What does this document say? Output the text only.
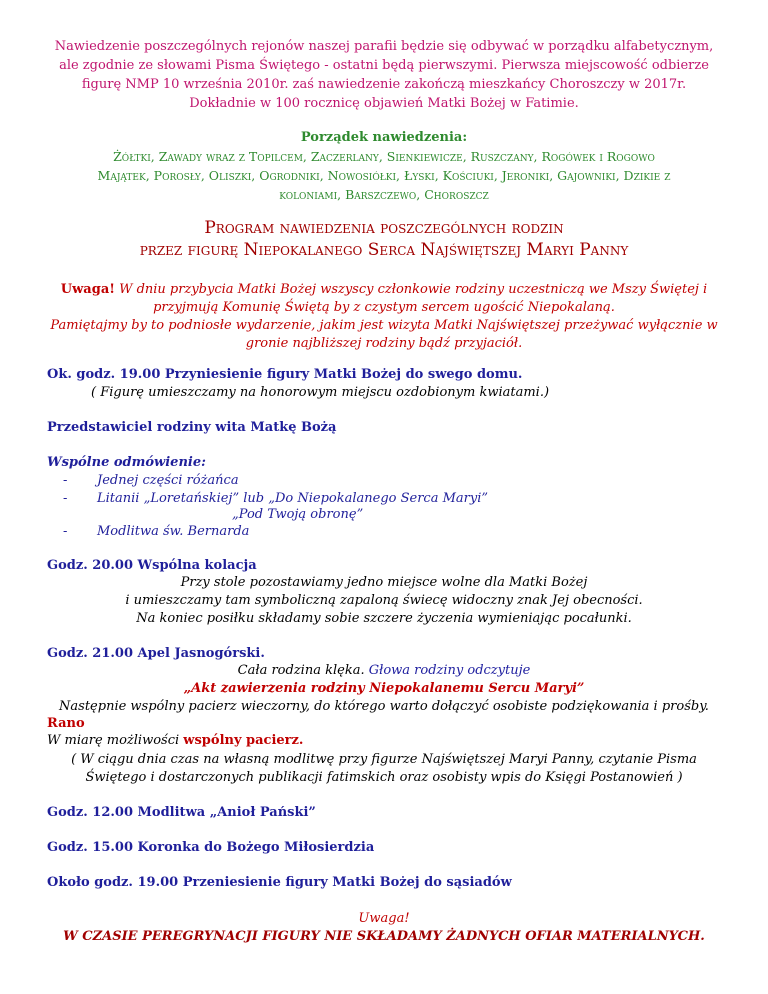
Nawiedzenie poszczególnych rejonów naszej parafii będzie się odbywać w porządku alfabetycznym,
ale zgodnie ze słowami Pisma Świętego - ostatni będą pierwszymi. Pierwsza miejscowość odbierze
figurę NMP 10 września 2010r. zaś nawiedzenie zakończą mieszkańcy Choroszczy w 2017r.
Dokładnie w 100 rocznicę objawień Matki Bożej w Fatimie.
Porządek nawiedzenia:
Żółtki, Zawady wraz z Topilcem, Zaczerlany, Sienkiewicze, Ruszczany, Rogówek i Rogowo
Majątek, Porosły, Oliszki, Ogrodniki, Nowosiółki, Łyski, Kościuki, Jeroniki, Gajowniki, Dzikie z
koloniami, Barszczewo, Choroszcz
Program nawiedzenia poszczególnych rodzin
przez figurę Niepokalanego Serca Najświętszej Maryi Panny
Uwaga! W dniu przybycia Matki Bożej wszyscy członkowie rodziny uczestniczą we Mszy Świętej i
przyjmują Komunię Świętą by z czystym sercem ugościć Niepokalaną.
Pamiętajmy by to podniosłe wydarzenie, jakim jest wizyta Matki Najświętszej przeżywać wyłącznie w
gronie najbliższej rodziny bądź przyjaciół.
Ok. godz. 19.00 Przyniesienie figury Matki Bożej do swego domu.
( Figurę umieszczamy na honorowym miejscu ozdobionym kwiatami.)
Przedstawiciel rodziny wita Matkę Bożą
Wspólne odmówienie:
- Jednej części różańca
- Litanii „Loretańskiej” lub „Do Niepokalanego Serca Maryi”
„Pod Twoją obronę”
- Modlitwa św. Bernarda
Godz. 20.00 Wspólna kolacja
Przy stole pozostawiamy jedno miejsce wolne dla Matki Bożej
i umieszczamy tam symboliczną zapaloną świecę widoczny znak Jej obecności.
Na koniec posiłku składamy sobie szczere życzenia wymieniając pocałunki.
Godz. 21.00 Apel Jasnogórski.
Cała rodzina klęka. Głowa rodziny odczytuje
„Akt zawierzenia rodziny Niepokalanemu Sercu Maryi”
Następnie wspólny pacierz wieczorny, do którego warto dołączyć osobiste podziękowania i prośby.
Rano
W miarę możliwości wspólny pacierz.
( W ciągu dnia czas na własną modlitwę przy figurze Najświętszej Maryi Panny, czytanie Pisma
Świętego i dostarczonych publikacji fatimskich oraz osobisty wpis do Księgi Postanowień )
Godz. 12.00 Modlitwa „Anioł Pański”
Godz. 15.00 Koronka do Bożego Miłosierdzia
Około godz. 19.00 Przeniesienie figury Matki Bożej do sąsiadów
Uwaga!
W CZASIE PEREGRYNACJI FIGURY NIE SKŁADAMY ŻADNYCH OFIAR MATERIALNYCH.
